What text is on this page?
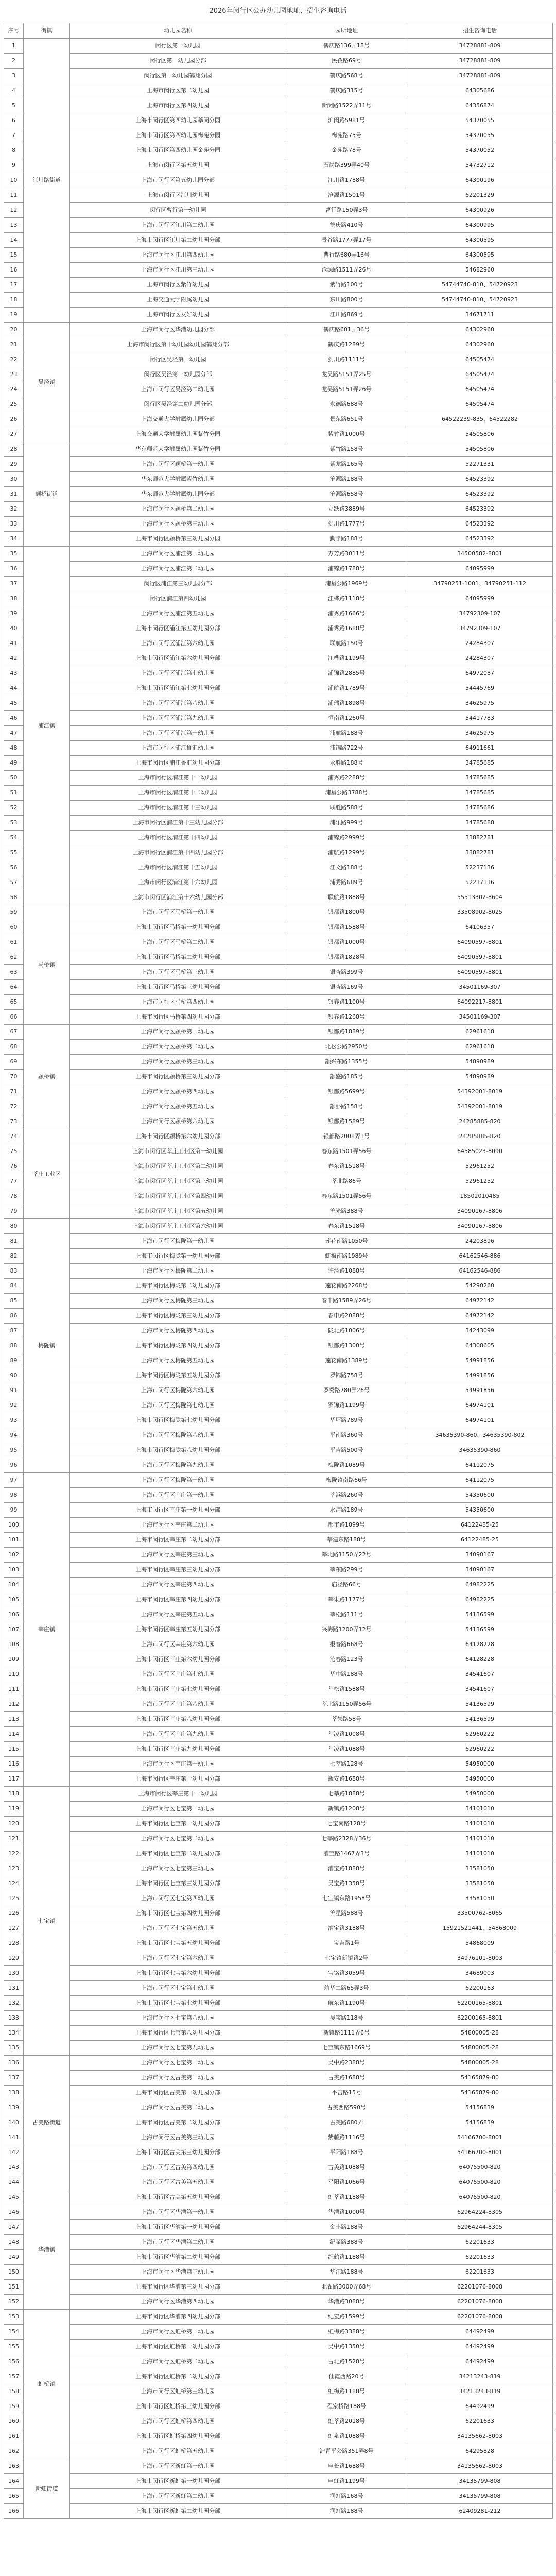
2026年闵行区公办幼儿园地址、招生咨询电话
序号	街镇	幼儿园名称	园所地址	招生咨询电话
1	江川路街道	闵行区第一幼儿园	鹤庆路136弄18号	34728881-809
2		闵行区第一幼儿园分部	民孜路69号	34728881-809
3		闵行区第一幼儿园鹤翔分园	鹤庆路568号	34728881-809
4		上海市闵行区第二幼儿园	鹤庆路315号	64305686
5		上海市闵行区第四幼儿园	新闵路1522弄11号	64356874
6		上海市闵行区第四幼儿园莘闵分园	沪闵路5981号	54370055
7		上海市闵行区第四幼儿园梅苑分园	梅苑路75号	54370055
8		上海市闵行区第四幼儿园金苑分园	金苑路78号	54370052
9		上海市闵行区第五幼儿园	石岗路399弄40号	54732712
10		上海市闵行区第五幼儿园分部	江川路1788号	64300196
11		上海市闵行区江川幼儿园	沧源路1501号	62201329
12		闵行区曹行第一幼儿园	曹行路150弄3号	64300926
13		上海市闵行区江川第二幼儿园	鹤庆路410号	64300995
14		上海市闵行区江川第二幼儿园分部	景谷路1777弄17号	64300595
15		上海市闵行区江川第四幼儿园	曹行路680弄16号	64300595
16		上海市闵行区江川第三幼儿园	沧源路1511弄26号	54682960
17		上海市闵行区紫竹幼儿园	紫竹路100号	54744740-810、54720923
18		上海交通大学附属幼儿园	东川路800号	54744740-810、54720923
19		上海市闵行区友好幼儿园	江川路869号	34671711
20	吴泾镇	上海市闵行区华漕幼儿园分部	鹤庆路601弄36号	64302960
21		上海市闵行区第十幼儿园幼儿园鹤翔分部	鹤庆路1289号	64302960
22		闵行区吴泾第一幼儿园	剑川路1111号	64505474
23		闵行区吴泾第一幼儿园分部	龙吴路5151弄25号	64505474
24		上海市闵行区吴泾第二幼儿园	龙吴路5151弄26号	64505474
25		闵行区吴泾第二幼儿园分部	永德路688号	64505474
26		上海交通大学附属幼儿园分部	景东路651号	64522239-835、64522282
27		上海交通大学附属幼儿园紫竹分园	紫竹路1000号	54505806
28	颛桥街道	华东师范大学附属幼儿园紫竹分园	紫竹路158号	54505806
29		上海市闵行区颛桥第一幼儿园	紫龙路165号	52271331
30		华东师范大学附属紫竹幼儿园	沧源路188号	64523392
31		华东师范大学附属幼儿园分部	沧源路658号	64523392
32		上海市闵行区颛桥第二幼儿园	立跃路3889号	64523392
33		上海市闵行区颛桥第三幼儿园	剑川路1777号	64523392
34		上海市闵行区颛桥第三幼儿园分园	勤学路188号	64523392
35	浦江镇	上海市闵行区浦江第一幼儿园	万芳路3011号	34500582-8801
36		上海市闵行区浦江第二幼儿园	浦锦路1788号	64095999
37		闵行区浦江第三幼儿园分部	浦星公路1969号	34790251-1001、34790251-112
38		闵行区浦江第四幼儿园	江桦路1118号	64095999
39		上海市闵行区浦江第五幼儿园	浦秀路1666号	34792309-107
40		上海市闵行区浦江第五幼儿园分部	浦秀路1688号	34792309-107
41		上海市闵行区浦江第六幼儿园	联航路150号	24284307
42		上海市闵行区浦江第六幼儿园分部	江桦路1199号	24284307
43		上海市闵行区浦江第七幼儿园	浦锦路2885号	64972087
44		上海市闵行区浦江第七幼儿园分部	浦航路1789号	54445769
45		上海市闵行区浦江第八幼儿园	浦瑞路1898号	34625975
46		上海市闵行区浦江第九幼儿园	恒南路1260号	54417783
47		上海市闵行区浦江第十幼儿园	浦航路188号	34625975
48		上海市闵行区浦江鲁汇幼儿园	浦锦路722号	64911661
49		上海市闵行区浦江鲁汇幼儿园分部	永胜路188号	34785685
50		上海市闵行区浦江第十一幼儿园	浦秀路2288号	34785685
51		上海市闵行区浦江第十二幼儿园	浦星公路3788号	34785685
52		上海市闵行区浦江第十三幼儿园	联胜路588号	34785686
53		上海市闵行区浦江第十三幼儿园分部	浦乐路999号	34785688
54		上海市闵行区浦江第十四幼儿园	浦锦路2999号	33882781
55		上海市闵行区浦江第十四幼儿园分部	浦航路1299号	33882781
56		上海市闵行区浦江第十五幼儿园	江文路188号	52237136
57		上海市闵行区浦江第十六幼儿园	浦秀路689号	52237136
58		上海市闵行区浦江第十六幼儿园分部	联航路1888号	55513302-8604
59	马桥镇	上海市闵行区马桥第一幼儿园	银都路1800号	33508902-8025
60		上海市闵行区马桥第一幼儿园分部	银都路1588号	64106357
61		上海市闵行区马桥第二幼儿园	银都路1000号	64090597-8801
62		上海市闵行区马桥第二幼儿园分部	银都路1828号	64090597-8801
63		上海市闵行区马桥第三幼儿园	银杏路399号	64090597-8801
64		上海市闵行区马桥第三幼儿园分部	银杏路169号	34501169-307
65		上海市闵行区马桥第四幼儿园	银春路1100号	64092217-8801
66		上海市闵行区马桥第四幼儿园分部	银春路1268号	34501169-307
67	颛桥镇	上海市闵行区颛桥第一幼儿园	银都路1889号	62961618
68		上海市闵行区颛桥第二幼儿园	北松公路2950号	62961618
69		上海市闵行区颛桥第三幼儿园	颛兴东路1355号	54890989
70		上海市闵行区颛桥第三幼儿园分部	颛盛路185号	54890989
71		上海市闵行区颛桥第四幼儿园	银都路5699号	54392001-8019
72		上海市闵行区颛桥第五幼儿园	颛卧路158号	54392001-8019
73		上海市闵行区颛桥第六幼儿园	银都路1589号	24285885-820
74	莘庄工业区	上海市闵行区颛桥第六幼儿园分部	银都路2008弄1号	24285885-820
75		上海市闵行区莘庄工业区第一幼儿园	春东路1501弄56号	64585023-8090
76		上海市闵行区莘庄工业区第二幼儿园	春东路1518号	52961252
77		上海市闵行区莘庄工业区第三幼儿园	莘北路86号	52961252
78		上海市闵行区莘庄工业区第四幼儿园	春东路1501弄56号	18502010485
79		上海市闵行区莘庄工业区第五幼儿园	沪光路388号	34090167-8806
80	梅陇镇	上海市闵行区莘庄工业区第六幼儿园	春东路1518号	34090167-8806
81		上海市闵行区梅陇第一幼儿园	莲花南路1050号	24203896
82		上海市闵行区梅陇第一幼儿园分部	虹梅南路1989号	64162546-886
83		上海市闵行区梅陇第二幼儿园	许泾路1088号	64162546-886
84		上海市闵行区梅陇第二幼儿园分部	莲花南路2268号	54290260
85		上海市闵行区梅陇第三幼儿园	春申路1589弄26号	64972142
86		上海市闵行区梅陇第三幼儿园分部	春申路2088号	64972142
87		上海市闵行区梅陇第四幼儿园	陇北路1006号	34243099
88		上海市闵行区梅陇第四幼儿园分部	银都路1300号	64308605
89		上海市闵行区梅陇第五幼儿园	莲花南路1389号	54991856
90		上海市闵行区梅陇第五幼儿园分部	罗锦路758号	54991856
91		上海市闵行区梅陇第六幼儿园	罗秀路780弄26号	54991856
92		上海市闵行区梅陇第七幼儿园	罗锦路1199号	64974101
93		上海市闵行区梅陇第七幼儿园分部	华坪路789号	64974101
94		上海市闵行区梅陇第八幼儿园	平南路360号	34635390-860、34635390-802
95		上海市闵行区梅陇第八幼儿园分部	平吉路500号	34635390-860
96		上海市闵行区梅陇第九幼儿园	梅陇路1089号	64112075
97	莘庄镇	上海市闵行区梅陇第十幼儿园	梅陇镇南路66号	64112075
98		上海市闵行区莘庄第一幼儿园	莘浜路260号	54350600
99		上海市闵行区莘庄第一幼儿园分部	水清路189号	54350600
100		上海市闵行区莘庄第二幼儿园	都市路1899号	64122485-25
101		上海市闵行区莘庄第二幼儿园分部	莘建东路188号	64122485-25
102		上海市闵行区莘庄第三幼儿园	莘北路1150弄22号	34090167
103		上海市闵行区莘庄第三幼儿园分部	莘东路299号	34090167
104		上海市闵行区莘庄第四幼儿园	庙泾路66号	64982225
105		上海市闵行区莘庄第四幼儿园分部	莘朱路1177号	64982225
106		上海市闵行区莘庄第五幼儿园	莘松路111号	54136599
107		上海市闵行区莘庄第五幼儿园分部	兴梅路1200弄12号	54136599
108		上海市闵行区莘庄第六幼儿园	报春路668号	64128228
109		上海市闵行区莘庄第六幼儿园分部	沁春路123号	64128228
110		上海市闵行区莘庄第七幼儿园	华中路188号	34541607
111		上海市闵行区莘庄第七幼儿园分部	莘松路1588号	34541607
112		上海市闵行区莘庄第八幼儿园	莘北路1150弄56号	54136599
113		上海市闵行区莘庄第八幼儿园分部	莘朱路58号	54136599
114		上海市闵行区莘庄第九幼儿园	莘凌路1008号	62960222
115		上海市闵行区莘庄第九幼儿园分部	莘凌路1088号	62960222
116		上海市闵行区莘庄第十幼儿园	七莘路128号	54950000
117		上海市闵行区莘庄第十幼儿园分部	瓶安路1688号	54950000
118	七宝镇	上海市闵行区莘庄第十一幼儿园	七莘路1888号	54950000
119		上海市闵行区七宝第一幼儿园	新镇路1208号	34101010
120		上海市闵行区七宝第一幼儿园分部	七宝南路128号	34101010
121		上海市闵行区七宝第二幼儿园	七莘路2328弄36号	34101010
122		上海市闵行区七宝第二幼儿园分部	漕宝路1467弄3号	34101010
123		上海市闵行区七宝第三幼儿园	漕宝路1888号	33581050
124		上海市闵行区七宝第三幼儿园分部	吴宝路1358号	33581050
125		上海市闵行区七宝第四幼儿园	七宝镇东路1958号	33581050
126		上海市闵行区七宝第四幼儿园分部	沪星路588号	33500762-8065
127		上海市闵行区七宝第五幼儿园	漕宝路3188号	15921521441、54868009
128		上海市闵行区七宝第五幼儿园分部	宝吉路1号	54868009
129		上海市闵行区七宝第六幼儿园	七宝镇新镇路2号	34976101-8003
130		上海市闵行区七宝第六幼儿园分部	宝铭路3059号	34689003
131		上海市闵行区七宝第七幼儿园	航华二路65弄3号	62200163
132		上海市闵行区七宝第七幼儿园分部	航东路1190号	62200165-8801
133		上海市闵行区七宝第八幼儿园	吴宝路118号	62200165-8801
134		上海市闵行区七宝第八幼儿园分部	新镇路1111弄6号	54800005-28
135		上海市闵行区七宝第九幼儿园	七宝镇东路1669号	54800005-28
136	古美路街道	上海市闵行区七宝第十幼儿园	吴中路2388号	54800005-28
137		上海市闵行区古美第一幼儿园	古美路1688号	54165879-80
138		上海市闵行区古美第一幼儿园分部	平吉路15号	54165879-80
139		上海市闵行区古美第二幼儿园	古美西路590号	54156839
140		上海市闵行区古美第二幼儿园分部	古美路680弄	54156839
141		上海市闵行区古美第三幼儿园	紫藤路1116号	54166700-8001
142		上海市闵行区古美第三幼儿园分部	平阳路188号	54166700-8001
143		上海市闵行区古美第四幼儿园	古美路1088号	64075500-820
144		上海市闵行区古美第五幼儿园	平阳路1066号	64075500-820
145	华漕镇	上海市闵行区古美第五幼儿园分部	虹莘路1188号	64075500-820
146		上海市闵行区华漕第一幼儿园	华漕路1000号	62964224-8305
147		上海市闵行区华漕第一幼儿园分部	金丰路188号	62964244-8305
148		上海市闵行区华漕第二幼儿园	纪翟路388号	62201633
149		上海市闵行区华漕第二幼儿园分部	纪鹤路1188号	62201633
150		上海市闵行区华漕第三幼儿园	华江路188号	62201633
151		上海市闵行区华漕第三幼儿园分部	北翟路3000弄68号	62201076-8008
152		上海市闵行区华漕第四幼儿园	华漕路3088号	62201076-8008
153	虹桥镇	上海市闵行区华漕第四幼儿园分部	纪宏路1599号	62201076-8008
154		上海市闵行区虹桥第一幼儿园	虹梅路3388号	64492499
155		上海市闵行区虹桥第一幼儿园分部	吴中路1350号	64492499
156		上海市闵行区虹桥第二幼儿园	古北路1528号	64492499
157		上海市闵行区虹桥第二幼儿园分部	仙霞西路20号	34213243-819
158		上海市闵行区虹桥第三幼儿园	虹梅路1188号	34213243-819
159		上海市闵行区虹桥第三幼儿园分部	程家桥路188号	64492499
160		上海市闵行区虹桥第四幼儿园	虹莘路2018号	62201633
161		上海市闵行区虹桥第四幼儿园分部	虹泉路1088号	34135662-8003
162		上海市闵行区虹桥第五幼儿园	沪青平公路351弄8号	64295828
163	新虹街道	上海市闵行区新虹第一幼儿园	申长路1688号	34135662-8003
164		上海市闵行区新虹第一幼儿园分部	申虹路1199号	34135799-808
165		上海市闵行区新虹第二幼儿园	润虹路168号	34135799-808
166		上海市闵行区新虹第二幼儿园分部	润虹路188号	62409281-212
